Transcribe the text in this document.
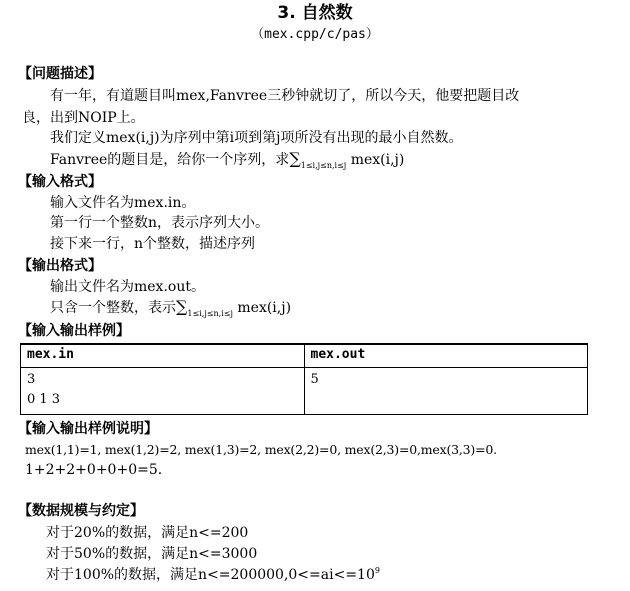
3. 自然数
（mex.cpp/c/pas）
【问题描述】
有一年，有道题目叫mex,Fanvree三秒钟就切了，所以今天，他要把题目改
良，出到NOIP上。
我们定义mex(i,j)为序列中第i项到第j项所没有出现的最小自然数。
Fanvree的题目是，给你一个序列，求$\sum_{1\le i,j\le n,i\le j}$ mex(i,j)
【输入格式】
输入文件名为mex.in。
第一行一个整数n，表示序列大小。
接下来一行，n个整数，描述序列
【输出格式】
输出文件名为mex.out。
只含一个整数，表示$\sum_{1\le i,j\le n,i\le j}$ mex(i,j)
【输入输出样例】
mex.in	mex.out

3
0 1 3	5
【输入输出样例说明】
mex(1,1)=1, mex(1,2)=2, mex(1,3)=2, mex(2,2)=0, mex(2,3)=0,mex(3,3)=0.
1+2+2+0+0+0=5.
【数据规模与约定】
对于20%的数据，满足n<=200
对于50%的数据，满足n<=3000
对于100%的数据，满足$n<=200000,0<=ai<=10^9$
